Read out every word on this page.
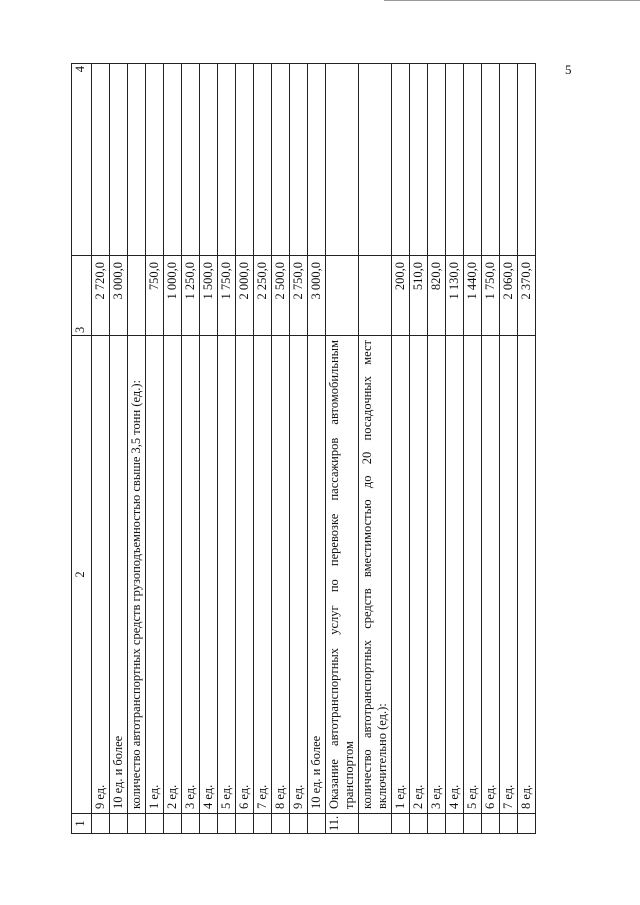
5
1	2	3	4
	9 ед.	2 720,0	
	10 ед. и более	3 000,0	
	количество автотранспортных средств грузоподъемностью свыше 3,5 тонн (ед.):		
	1 ед.	750,0	
	2 ед.	1 000,0	
	3 ед.	1 250,0	
	4 ед.	1 500,0	
	5 ед.	1 750,0	
	6 ед.	2 000,0	
	7 ед.	2 250,0	
	8 ед.	2 500,0	
	9 ед.	2 750,0	
	10 ед. и более	3 000,0	
11.	Оказание автотранспортных услуг по перевозке пассажиров автомобильным транспортом		
	количество автотранспортных средств вместимостью до 20 посадочных мест включительно (ед.):		
	1 ед.	200,0	
	2 ед.	510,0	
	3 ед.	820,0	
	4 ед.	1 130,0	
	5 ед.	1 440,0	
	6 ед.	1 750,0	
	7 ед.	2 060,0	
	8 ед.	2 370,0	
